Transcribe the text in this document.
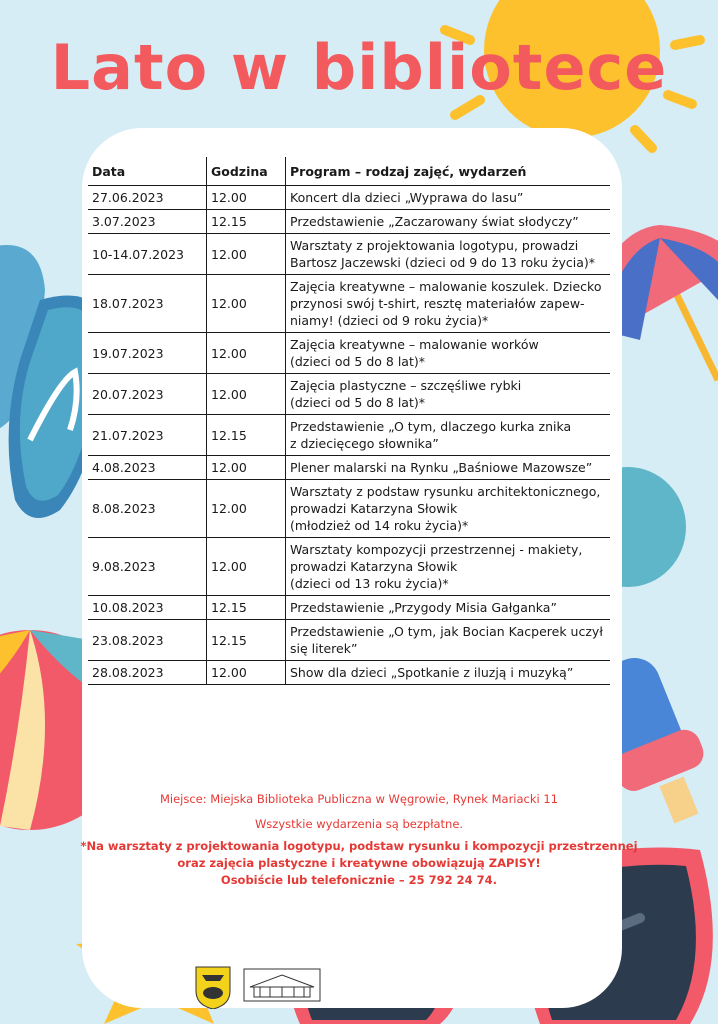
Lato w bibliotece
Data	Godzina	Program – rodzaj zajęć, wydarzeń
27.06.2023	12.00	Koncert dla dzieci „Wyprawa do lasu”

3.07.2023	12.15	Przedstawienie „Zaczarowany świat słodyczy”

10-14.07.2023	12.00	Warsztaty z projektowania logotypu, prowadzi
Bartosz Jaczewski (dzieci od 9 do 13 roku życia)*

18.07.2023	12.00	Zajęcia kreatywne – malowanie koszulek. Dziecko
przynosi swój t-shirt, resztę materiałów zapew-
niamy! (dzieci od 9 roku życia)*

19.07.2023	12.00	Zajęcia kreatywne – malowanie worków
(dzieci od 5 do 8 lat)*

20.07.2023	12.00	Zajęcia plastyczne – szczęśliwe rybki
(dzieci od 5 do 8 lat)*

21.07.2023	12.15	Przedstawienie „O tym, dlaczego kurka znika
z dziecięcego słownika”

4.08.2023	12.00	Plener malarski na Rynku „Baśniowe Mazowsze”

8.08.2023	12.00	Warsztaty z podstaw rysunku architektonicznego,
prowadzi Katarzyna Słowik
(młodzież od 14 roku życia)*

9.08.2023	12.00	Warsztaty kompozycji przestrzennej - makiety,
prowadzi Katarzyna Słowik
(dzieci od 13 roku życia)*

10.08.2023	12.15	Przedstawienie „Przygody Misia Gałganka”

23.08.2023	12.15	Przedstawienie „O tym, jak Bocian Kacperek uczył
się literek”

28.08.2023	12.00	Show dla dzieci „Spotkanie z iluzją i muzyką”
Miejsce: Miejska Biblioteka Publiczna w Węgrowie, Rynek Mariacki 11
Wszystkie wydarzenia są bezpłatne.
*Na warsztaty z projektowania logotypu, podstaw rysunku i kompozycji przestrzennej
oraz zajęcia plastyczne i kreatywne obowiązują ZAPISY!
Osobiście lub telefonicznie – 25 792 24 74.
